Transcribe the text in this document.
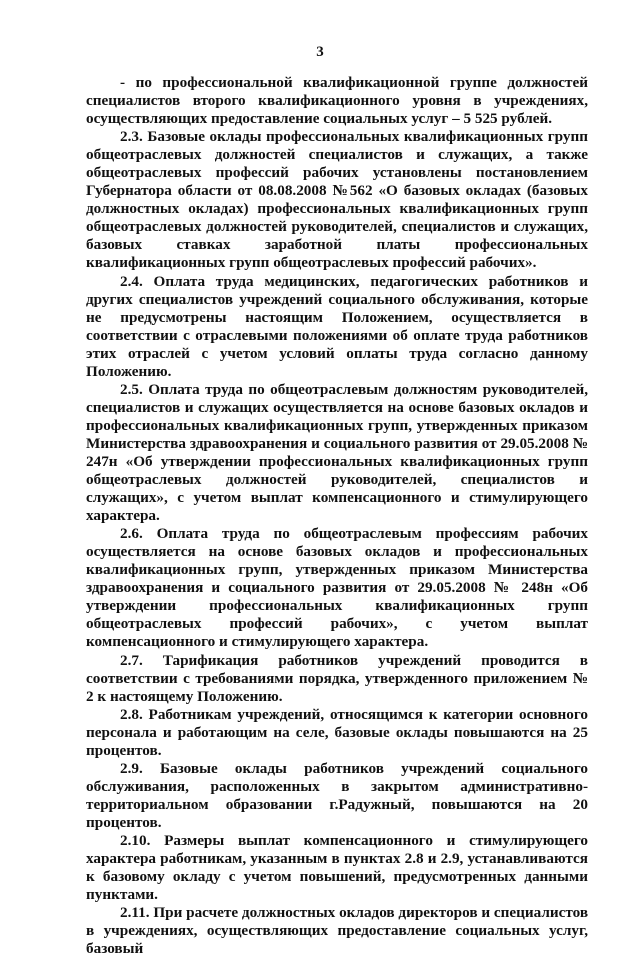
3

- по профессиональной квалификационной группе должностей специалистов второго квалификационного уровня в учреждениях, осуществляющих предоставление социальных услуг – 5 525 рублей.

2.3. Базовые оклады профессиональных квалификационных групп общеотраслевых должностей специалистов и служащих, а также общеотраслевых профессий рабочих установлены постановлением Губернатора области от 08.08.2008 №562 «О базовых окладах (базовых должностных окладах) профессиональных квалификационных групп общеотраслевых должностей руководителей, специалистов и служащих, базовых ставках заработной платы профессиональных квалификационных групп общеотраслевых профессий рабочих».

2.4. Оплата труда медицинских, педагогических работников и других специалистов учреждений социального обслуживания, которые не предусмотрены настоящим Положением, осуществляется в соответствии с отраслевыми положениями об оплате труда работников этих отраслей с учетом условий оплаты труда согласно данному Положению.

2.5. Оплата труда по общеотраслевым должностям руководителей, специалистов и служащих осуществляется на основе базовых окладов и профессиональных квалификационных групп, утвержденных приказом Министерства здравоохранения и социального развития от 29.05.2008 № 247н «Об утверждении профессиональных квалификационных групп общеотраслевых должностей руководителей, специалистов и служащих», с учетом выплат компенсационного и стимулирующего характера.

2.6. Оплата труда по общеотраслевым профессиям рабочих осуществляется на основе базовых окладов и профессиональных квалификационных групп, утвержденных приказом Министерства здравоохранения и социального развития от 29.05.2008 № 248н «Об утверждении профессиональных квалификационных групп общеотраслевых профессий рабочих», с учетом выплат компенсационного и стимулирующего характера.

2.7. Тарификация работников учреждений проводится в соответствии с требованиями порядка, утвержденного приложением № 2 к настоящему Положению.

2.8. Работникам учреждений, относящимся к категории основного персонала и работающим на селе, базовые оклады повышаются на 25 процентов.

2.9. Базовые оклады работников учреждений социального обслуживания, расположенных в закрытом административно-территориальном образовании г.Радужный, повышаются на 20 процентов.

2.10. Размеры выплат компенсационного и стимулирующего характера работникам, указанным в пунктах 2.8 и 2.9, устанавливаются к базовому окладу с учетом повышений, предусмотренных данными пунктами.

2.11. При расчете должностных окладов директоров и специалистов в учреждениях, осуществляющих предоставление социальных услуг, базовый
